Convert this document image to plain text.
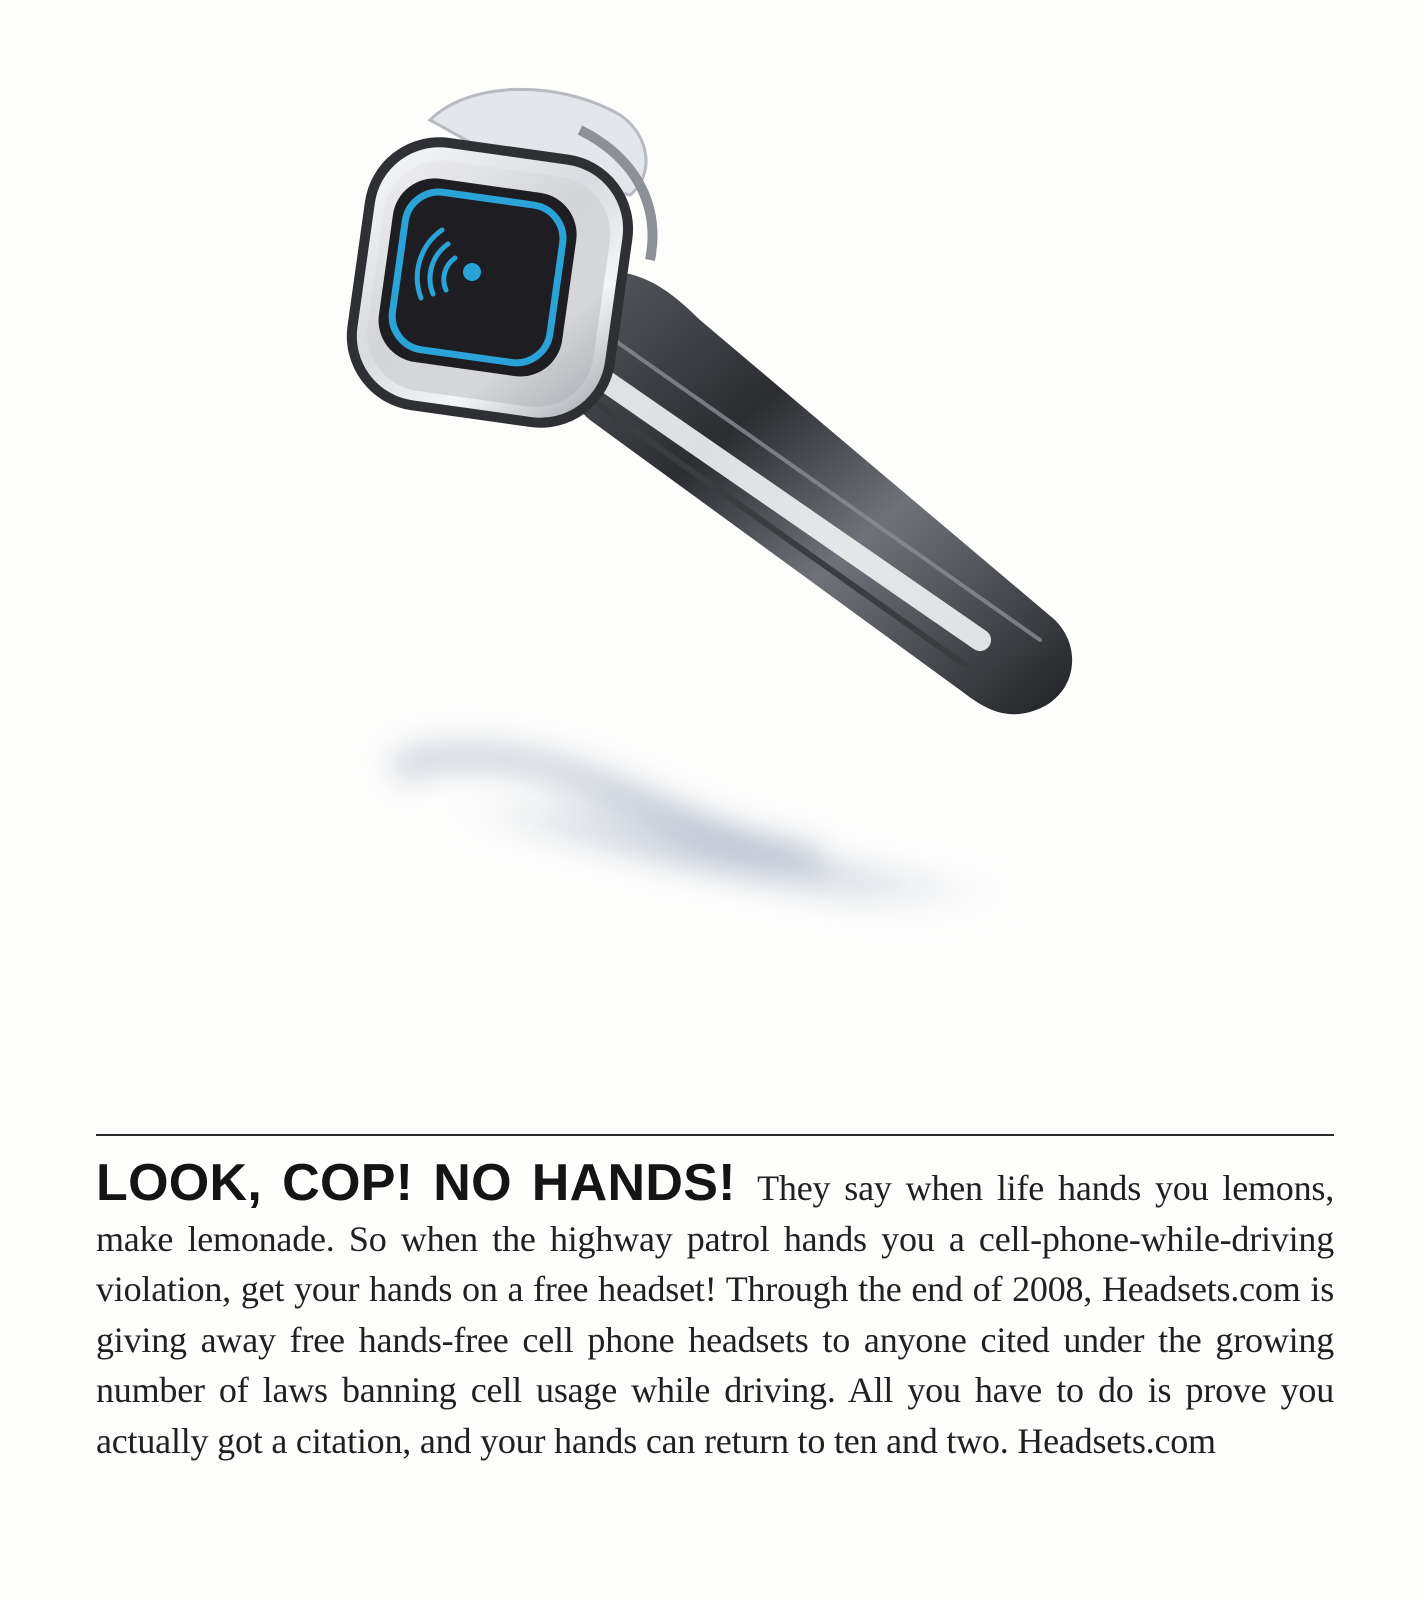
LOOK, COP! NO HANDS! They say when life hands you lemons, make lemonade. So when the highway patrol hands you a cell-phone-while-driving violation, get your hands on a free headset! Through the end of 2008, Headsets.com is giving away free hands-free cell phone headsets to anyone cited under the growing number of laws banning cell usage while driving. All you have to do is prove you actually got a citation, and your hands can return to ten and two. Headsets.com
